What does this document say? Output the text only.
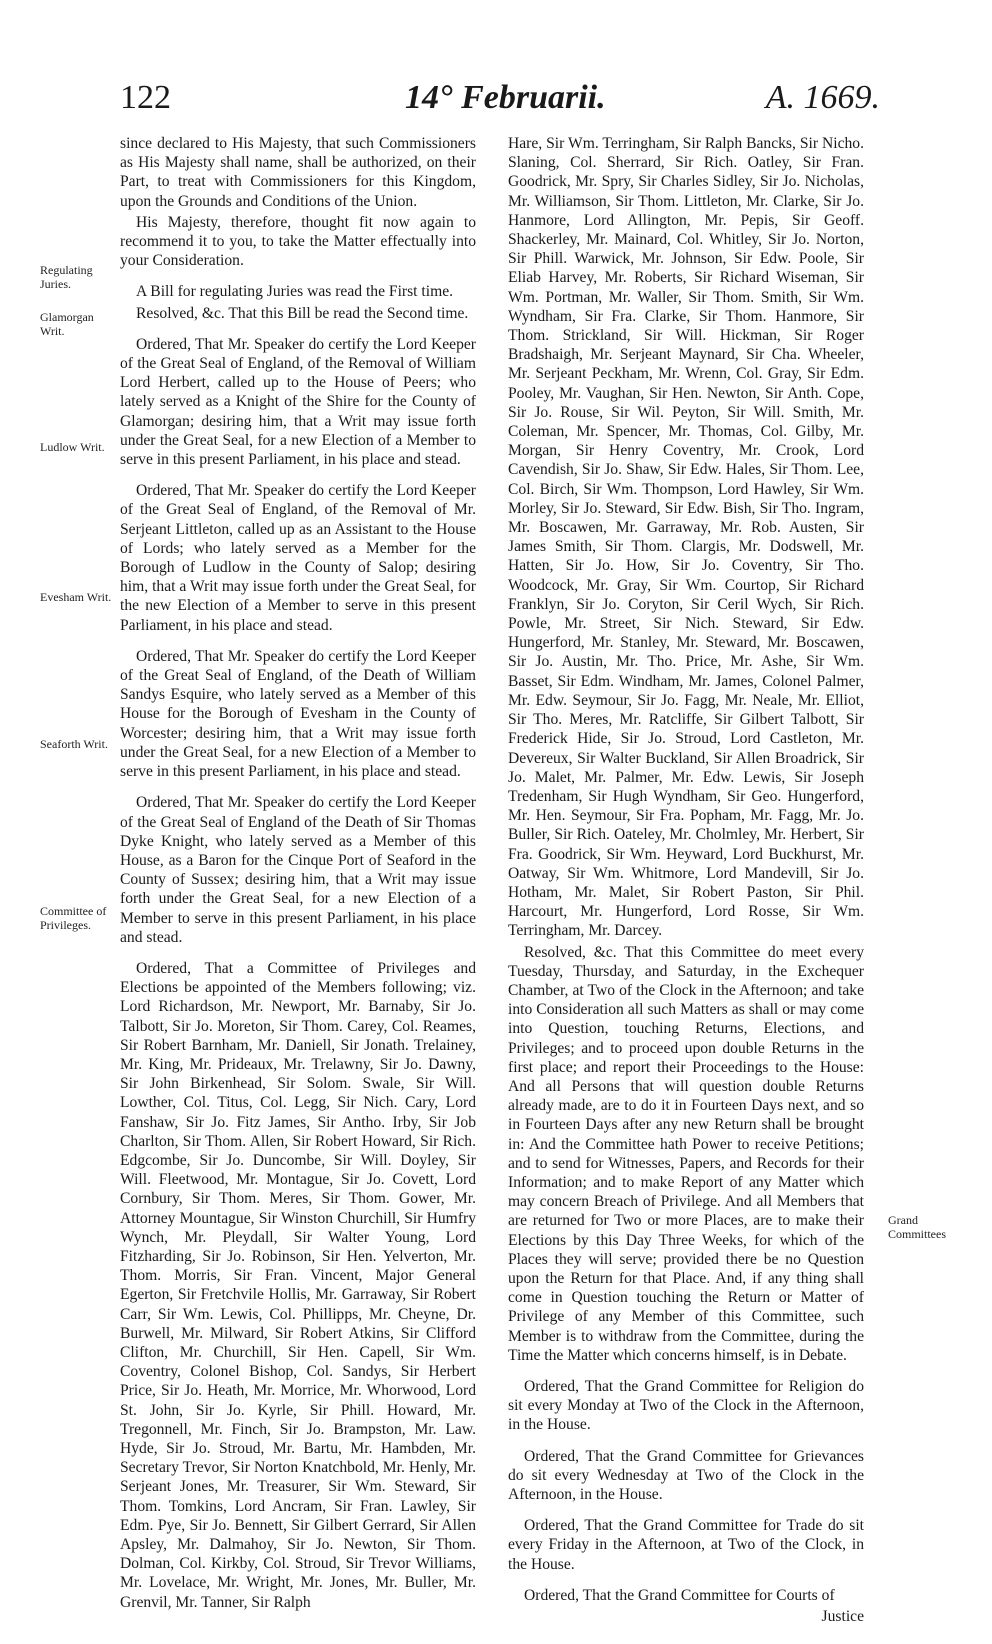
122	14° Februarii.	A. 1669.
Regulating Juries.
Glamorgan Writ.
Ludlow Writ.
Evesham Writ.
Seaforth Writ.
Committee of Privileges.
Grand Committees

since declared to His Majesty, that such Commissioners as His Majesty shall name, shall be authorized, on their Part, to treat with Commissioners for this Kingdom, upon the Grounds and Conditions of the Union.

His Majesty, therefore, thought fit now again to recommend it to you, to take the Matter effectually into your Consideration.

A Bill for regulating Juries was read the First time.

Resolved, &c. That this Bill be read the Second time.

Ordered, That Mr. Speaker do certify the Lord Keeper of the Great Seal of England, of the Removal of William Lord Herbert, called up to the House of Peers; who lately served as a Knight of the Shire for the County of Glamorgan; desiring him, that a Writ may issue forth under the Great Seal, for a new Election of a Member to serve in this present Parliament, in his place and stead.

Ordered, That Mr. Speaker do certify the Lord Keeper of the Great Seal of England, of the Removal of Mr. Serjeant Littleton, called up as an Assistant to the House of Lords; who lately served as a Member for the Borough of Ludlow in the County of Salop; desiring him, that a Writ may issue forth under the Great Seal, for the new Election of a Member to serve in this present Parliament, in his place and stead.

Ordered, That Mr. Speaker do certify the Lord Keeper of the Great Seal of England, of the Death of William Sandys Esquire, who lately served as a Member of this House for the Borough of Evesham in the County of Worcester; desiring him, that a Writ may issue forth under the Great Seal, for a new Election of a Member to serve in this present Parliament, in his place and stead.

Ordered, That Mr. Speaker do certify the Lord Keeper of the Great Seal of England of the Death of Sir Thomas Dyke Knight, who lately served as a Member of this House, as a Baron for the Cinque Port of Seaford in the County of Sussex; desiring him, that a Writ may issue forth under the Great Seal, for a new Election of a Member to serve in this present Parliament, in his place and stead.

Ordered, That a Committee of Privileges and Elections be appointed of the Members following; viz. Lord Richardson, Mr. Newport, Mr. Barnaby, Sir Jo. Talbott, Sir Jo. Moreton, Sir Thom. Carey, Col. Reames, Sir Robert Barnham, Mr. Daniell, Sir Jonath. Trelainey, Mr. King, Mr. Prideaux, Mr. Trelawny, Sir Jo. Dawny, Sir John Birkenhead, Sir Solom. Swale, Sir Will. Lowther, Col. Titus, Col. Legg, Sir Nich. Cary, Lord Fanshaw, Sir Jo. Fitz James, Sir Antho. Irby, Sir Job Charlton, Sir Thom. Allen, Sir Robert Howard, Sir Rich. Edgcombe, Sir Jo. Duncombe, Sir Will. Doyley, Sir Will. Fleetwood, Mr. Montague, Sir Jo. Covett, Lord Cornbury, Sir Thom. Meres, Sir Thom. Gower, Mr. Attorney Mountague, Sir Winston Churchill, Sir Humfry Wynch, Mr. Pleydall, Sir Walter Young, Lord Fitzharding, Sir Jo. Robinson, Sir Hen. Yelverton, Mr. Thom. Morris, Sir Fran. Vincent, Major General Egerton, Sir Fretchvile Hollis, Mr. Garraway, Sir Robert Carr, Sir Wm. Lewis, Col. Phillipps, Mr. Cheyne, Dr. Burwell, Mr. Milward, Sir Robert Atkins, Sir Clifford Clifton, Mr. Churchill, Sir Hen. Capell, Sir Wm. Coventry, Colonel Bishop, Col. Sandys, Sir Herbert Price, Sir Jo. Heath, Mr. Morrice, Mr. Whorwood, Lord St. John, Sir Jo. Kyrle, Sir Phill. Howard, Mr. Tregonnell, Mr. Finch, Sir Jo. Brampston, Mr. Law. Hyde, Sir Jo. Stroud, Mr. Bartu, Mr. Hambden, Mr. Secretary Trevor, Sir Norton Knatchbold, Mr. Henly, Mr. Serjeant Jones, Mr. Treasurer, Sir Wm. Steward, Sir Thom. Tomkins, Lord Ancram, Sir Fran. Lawley, Sir Edm. Pye, Sir Jo. Bennett, Sir Gilbert Gerrard, Sir Allen Apsley, Mr. Dalmahoy, Sir Jo. Newton, Sir Thom. Dolman, Col. Kirkby, Col. Stroud, Sir Trevor Williams, Mr. Lovelace, Mr. Wright, Mr. Jones, Mr. Buller, Mr. Grenvil, Mr. Tanner, Sir Ralph

Hare, Sir Wm. Terringham, Sir Ralph Bancks, Sir Nicho. Slaning, Col. Sherrard, Sir Rich. Oatley, Sir Fran. Goodrick, Mr. Spry, Sir Charles Sidley, Sir Jo. Nicholas, Mr. Williamson, Sir Thom. Littleton, Mr. Clarke, Sir Jo. Hanmore, Lord Allington, Mr. Pepis, Sir Geoff. Shackerley, Mr. Mainard, Col. Whitley, Sir Jo. Norton, Sir Phill. Warwick, Mr. Johnson, Sir Edw. Poole, Sir Eliab Harvey, Mr. Roberts, Sir Richard Wiseman, Sir Wm. Portman, Mr. Waller, Sir Thom. Smith, Sir Wm. Wyndham, Sir Fra. Clarke, Sir Thom. Hanmore, Sir Thom. Strickland, Sir Will. Hickman, Sir Roger Bradshaigh, Mr. Serjeant Maynard, Sir Cha. Wheeler, Mr. Serjeant Peckham, Mr. Wrenn, Col. Gray, Sir Edm. Pooley, Mr. Vaughan, Sir Hen. Newton, Sir Anth. Cope, Sir Jo. Rouse, Sir Wil. Peyton, Sir Will. Smith, Mr. Coleman, Mr. Spencer, Mr. Thomas, Col. Gilby, Mr. Morgan, Sir Henry Coventry, Mr. Crook, Lord Cavendish, Sir Jo. Shaw, Sir Edw. Hales, Sir Thom. Lee, Col. Birch, Sir Wm. Thompson, Lord Hawley, Sir Wm. Morley, Sir Jo. Steward, Sir Edw. Bish, Sir Tho. Ingram, Mr. Boscawen, Mr. Garraway, Mr. Rob. Austen, Sir James Smith, Sir Thom. Clargis, Mr. Dodswell, Mr. Hatten, Sir Jo. How, Sir Jo. Coventry, Sir Tho. Woodcock, Mr. Gray, Sir Wm. Courtop, Sir Richard Franklyn, Sir Jo. Coryton, Sir Ceril Wych, Sir Rich. Powle, Mr. Street, Sir Nich. Steward, Sir Edw. Hungerford, Mr. Stanley, Mr. Steward, Mr. Boscawen, Sir Jo. Austin, Mr. Tho. Price, Mr. Ashe, Sir Wm. Basset, Sir Edm. Windham, Mr. James, Colonel Palmer, Mr. Edw. Seymour, Sir Jo. Fagg, Mr. Neale, Mr. Elliot, Sir Tho. Meres, Mr. Ratcliffe, Sir Gilbert Talbott, Sir Frederick Hide, Sir Jo. Stroud, Lord Castleton, Mr. Devereux, Sir Walter Buckland, Sir Allen Broadrick, Sir Jo. Malet, Mr. Palmer, Mr. Edw. Lewis, Sir Joseph Tredenham, Sir Hugh Wyndham, Sir Geo. Hungerford, Mr. Hen. Seymour, Sir Fra. Popham, Mr. Fagg, Mr. Jo. Buller, Sir Rich. Oateley, Mr. Cholmley, Mr. Herbert, Sir Fra. Goodrick, Sir Wm. Heyward, Lord Buckhurst, Mr. Oatway, Sir Wm. Whitmore, Lord Mandevill, Sir Jo. Hotham, Mr. Malet, Sir Robert Paston, Sir Phil. Harcourt, Mr. Hungerford, Lord Rosse, Sir Wm. Terringham, Mr. Darcey.

Resolved, &c. That this Committee do meet every Tuesday, Thursday, and Saturday, in the Exchequer Chamber, at Two of the Clock in the Afternoon; and take into Consideration all such Matters as shall or may come into Question, touching Returns, Elections, and Privileges; and to proceed upon double Returns in the first place; and report their Proceedings to the House: And all Persons that will question double Returns already made, are to do it in Fourteen Days next, and so in Fourteen Days after any new Return shall be brought in: And the Committee hath Power to receive Petitions; and to send for Witnesses, Papers, and Records for their Information; and to make Report of any Matter which may concern Breach of Privilege. And all Members that are returned for Two or more Places, are to make their Elections by this Day Three Weeks, for which of the Places they will serve; provided there be no Question upon the Return for that Place. And, if any thing shall come in Question touching the Return or Matter of Privilege of any Member of this Committee, such Member is to withdraw from the Committee, during the Time the Matter which concerns himself, is in Debate.

Ordered, That the Grand Committee for Religion do sit every Monday at Two of the Clock in the Afternoon, in the House.

Ordered, That the Grand Committee for Grievances do sit every Wednesday at Two of the Clock in the Afternoon, in the House.

Ordered, That the Grand Committee for Trade do sit every Friday in the Afternoon, at Two of the Clock, in the House.

Ordered, That the Grand Committee for Courts of

Justice
